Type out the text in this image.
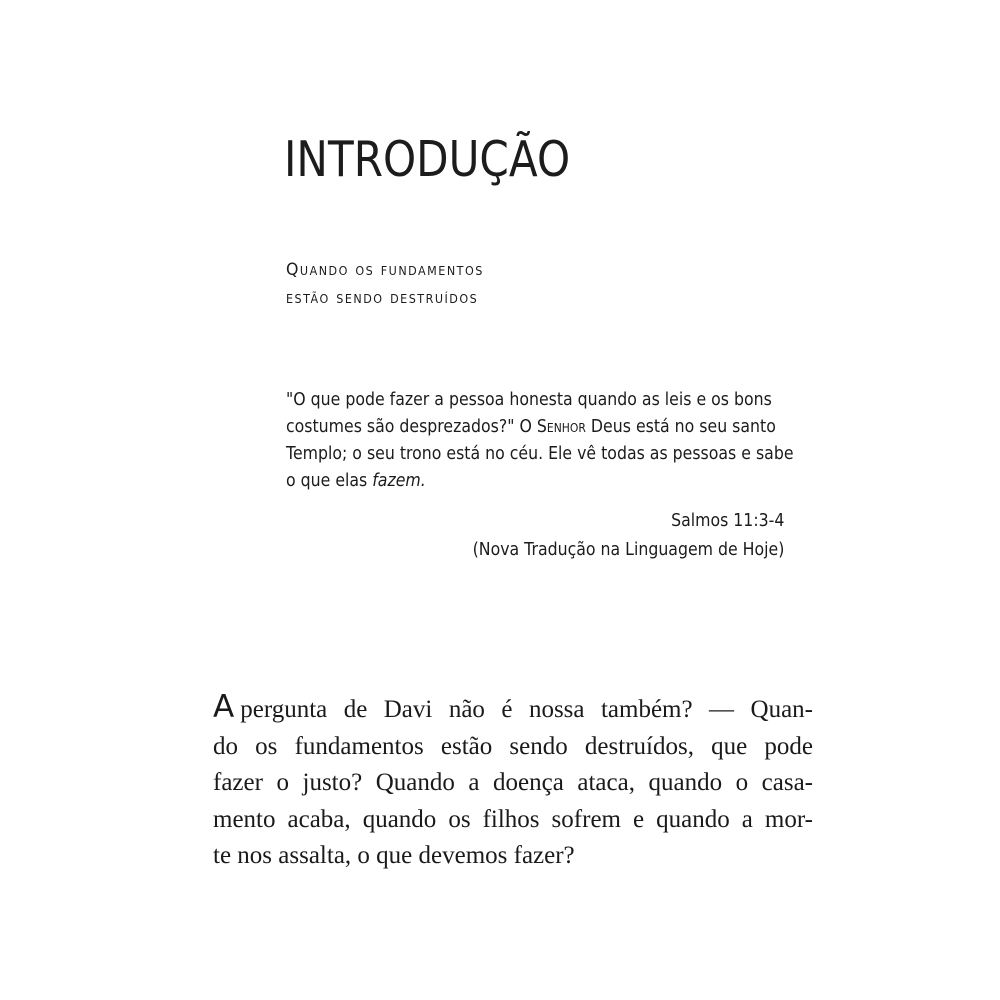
INTRODUÇÃO
Quando os fundamentos
estão sendo destruídos
"O que pode fazer a pessoa honesta quando as leis e os bons
costumes são desprezados?" O Senhor Deus está no seu santo
Templo; o seu trono está no céu. Ele vê todas as pessoas e sabe
o que elas fazem.
Salmos 11:3-4
(Nova Tradução na Linguagem de Hoje)
A pergunta de Davi não é nossa também? — Quan-
do os fundamentos estão sendo destruídos, que pode
fazer o justo? Quando a doença ataca, quando o casa-
mento acaba, quando os filhos sofrem e quando a mor-
te nos assalta, o que devemos fazer?
